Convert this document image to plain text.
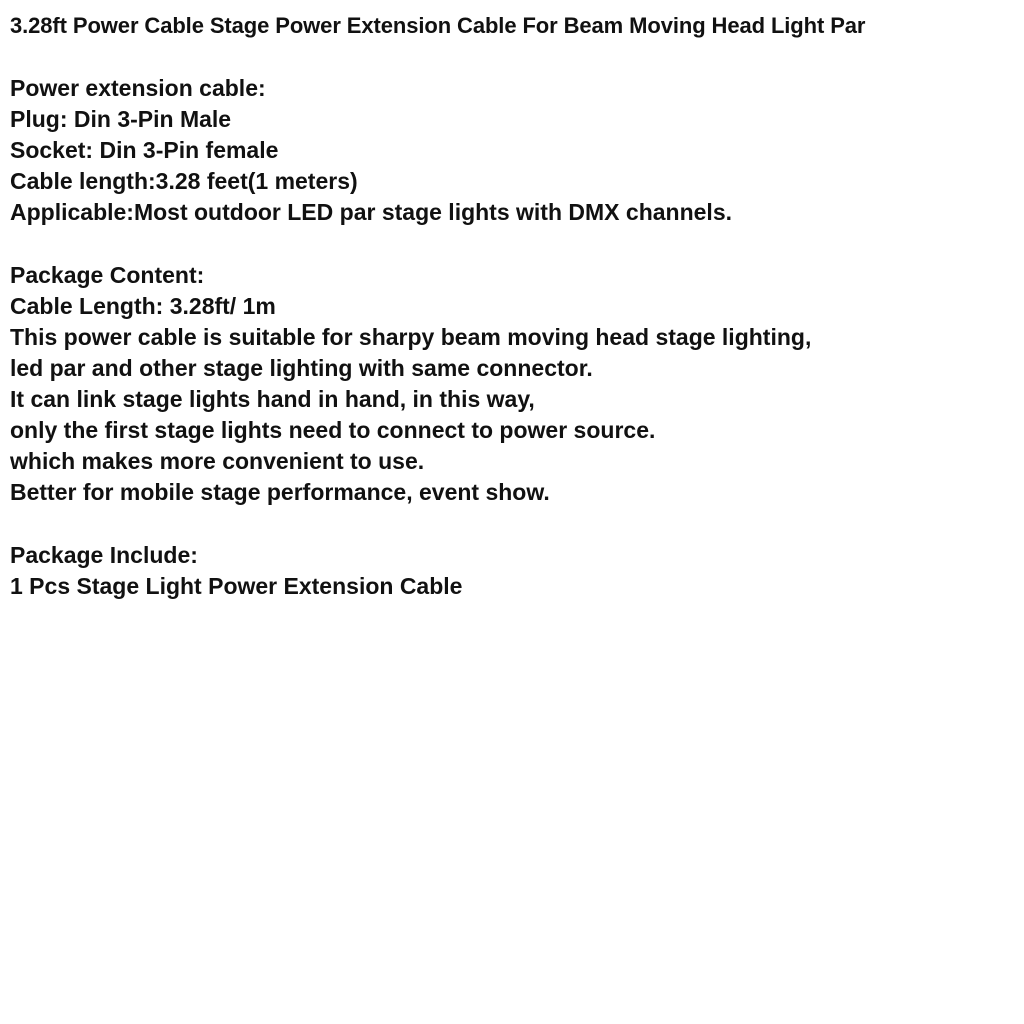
3.28ft Power Cable Stage Power Extension Cable For Beam Moving Head Light Par
Power extension cable:
Plug: Din 3-Pin Male
Socket: Din 3-Pin female
Cable length:3.28 feet(1 meters)
Applicable:Most outdoor LED par stage lights with DMX channels.
Package Content:
Cable Length: 3.28ft/ 1m
This power cable is suitable for sharpy beam moving head stage lighting,
led par and other stage lighting with same connector.
It can link stage lights hand in hand, in this way,
only the first stage lights need to connect to power source.
which makes more convenient to use.
Better for mobile stage performance, event show.
Package Include:
1 Pcs Stage Light Power Extension Cable
